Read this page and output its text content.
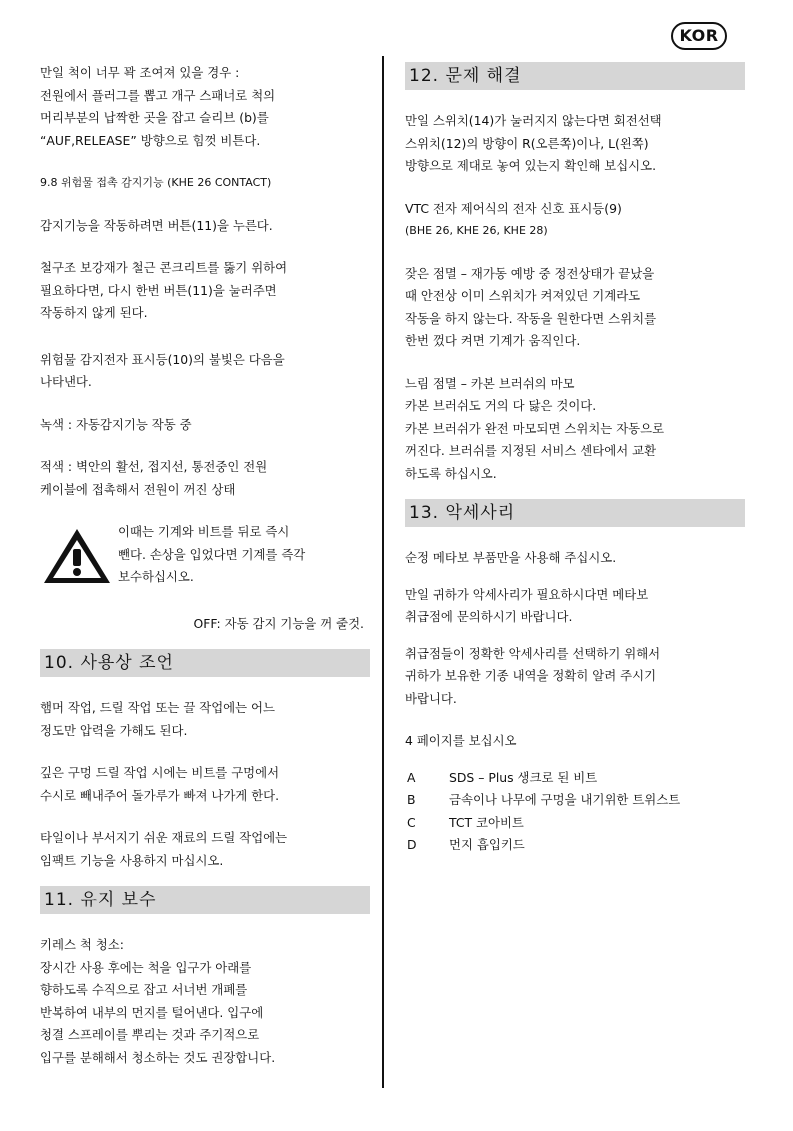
KOR

만일 척이 너무 꽉 조여져 있을 경우 :
전원에서 플러그를 뽑고 개구 스패너로 척의
머리부분의 납짝한 곳을 잡고 슬리브 (b)를
“AUF,RELEASE” 방향으로 힘껏 비튼다.

9.8 위험물 접촉 감지기능 (KHE 26 CONTACT)

감지기능을 작동하려면 버튼(11)을 누른다.

철구조 보강재가 철근 콘크리트를 뚫기 위하여
필요하다면, 다시 한번 버튼(11)을 눌러주면
작동하지 않게 된다.

위험물 감지전자 표시등(10)의 불빛은 다음을
나타낸다.

녹색 : 자동감지기능 작동 중

적색 : 벽안의 활선, 접지선, 통전중인 전원
케이블에 접촉해서 전원이 꺼진 상태

이때는 기계와 비트를 뒤로 즉시
뺀다. 손상을 입었다면 기계를 즉각
보수하십시오.

OFF: 자동 감지 기능을 꺼 줄것.

10. 사용상 조언

햄머 작업, 드릴 작업 또는 끌 작업에는 어느
정도만 압력을 가해도 된다.

깊은 구멍 드릴 작업 시에는 비트를 구멍에서
수시로 빼내주어 돌가루가 빠져 나가게 한다.

타일이나 부서지기 쉬운 재료의 드릴 작업에는
임팩트 기능을 사용하지 마십시오.

11. 유지 보수

키레스 척 청소:
장시간 사용 후에는 척을 입구가 아래를
향하도록 수직으로 잡고 서너번 개폐를
반복하여 내부의 먼지를 털어낸다. 입구에
청결 스프레이를 뿌리는 것과 주기적으로
입구를 분해해서 청소하는 것도 권장합니다.

12. 문제 해결

만일 스위치(14)가 눌러지지 않는다면 회전선택
스위치(12)의 방향이 R(오른쪽)이나, L(왼쪽)
방향으로 제대로 놓여 있는지 확인해 보십시오.

VTC 전자 제어식의 전자 신호 표시등(9)

(BHE 26, KHE 26, KHE 28)

잦은 점멸 – 재가동 예방 중 정전상태가 끝났을
때 안전상 이미 스위치가 켜져있던 기계라도
작동을 하지 않는다. 작동을 원한다면 스위치를
한번 껐다 켜면 기계가 움직인다.

느림 점멸 – 카본 브러쉬의 마모
카본 브러쉬도 거의 다 닳은 것이다.
카본 브러쉬가 완전 마모되면 스위치는 자동으로
꺼진다. 브러쉬를 지정된 서비스 센타에서 교환
하도록 하십시오.

13. 악세사리

순정 메타보 부품만을 사용해 주십시오.

만일 귀하가 악세사리가 필요하시다면 메타보
취급점에 문의하시기 바랍니다.

취급점들이 정확한 악세사리를 선택하기 위해서
귀하가 보유한 기종 내역을 정확히 알려 주시기
바랍니다.

4 페이지를 보십시오

A	SDS – Plus 생크로 된 비트
B	금속이나 나무에 구멍을 내기위한 트위스트
C	TCT 코아비트
D	먼지 흡입키드
